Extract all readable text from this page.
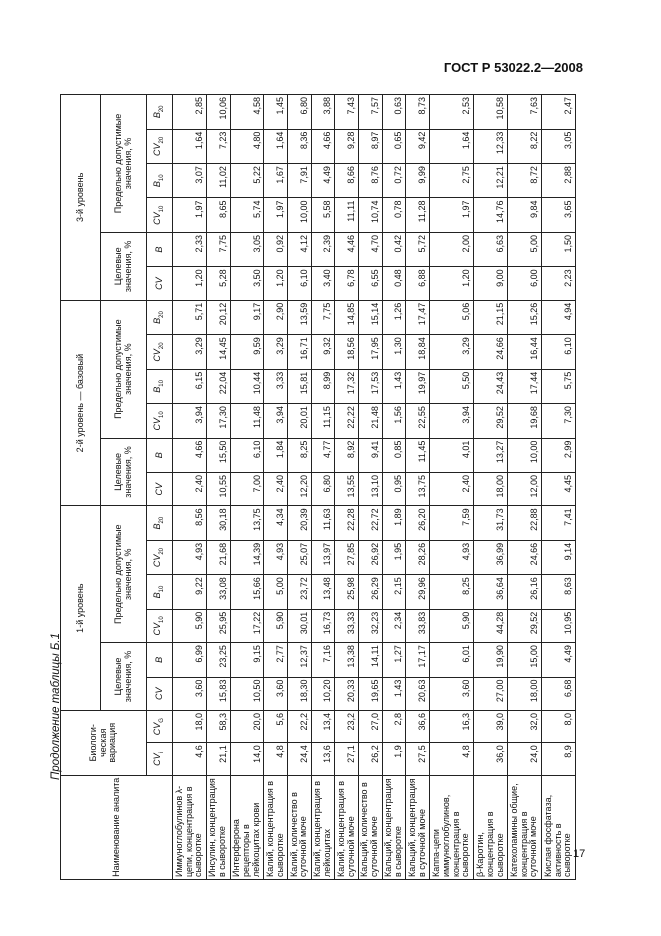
ГОСТ Р 53022.2—2008
Продолжение таблицы Б.1
Наименование аналита	Биологи-ческая вариация		1-й уровень						2-й уровень — базовый						3-й уровень					
			Целевые значения, %		Предельно допустимые значения, %				Целевые значения, %		Предельно допустимые значения, %				Целевые значения, %		Предельно допустимые значения, %			
	$CV_i$	$CV_G$	CV	B	$CV_{10}$	$B_{10}$	$CV_{20}$	$B_{20}$	CV	B	$CV_{10}$	$B_{10}$	$CV_{20}$	$B_{20}$	CV	B	$CV_{10}$	$B_{10}$	$CV_{20}$	$B_{20}$
Иммуноглобулинов λ-цепи, концентрация в сыворотке	4,6	18,0	3,60	6,99	5,90	9,22	4,93	8,56	2,40	4,66	3,94	6,15	3,29	5,71	1,20	2,33	1,97	3,07	1,64	2,85
Инсулин, концентрация в сыворотке	21,1	58,3	15,83	23,25	25,95	33,08	21,68	30,18	10,55	15,50	17,30	22,04	14,45	20,12	5,28	7,75	8,65	11,02	7,23	10,06
Интерферона рецепторы в лейкоцитах крови	14,0	20,0	10,50	9,15	17,22	15,66	14,39	13,75	7,00	6,10	11,48	10,44	9,59	9,17	3,50	3,05	5,74	5,22	4,80	4,58
Калий, концентрация в сыворотке	4,8	5,6	3,60	2,77	5,90	5,00	4,93	4,34	2,40	1,84	3,94	3,33	3,29	2,90	1,20	0,92	1,97	1,67	1,64	1,45
Калий, количество в суточной моче	24,4	22,2	18,30	12,37	30,01	23,72	25,07	20,39	12,20	8,25	20,01	15,81	16,71	13,59	6,10	4,12	10,00	7,91	8,36	6,80
Калий, концентрация в лейкоцитах	13,6	13,4	10,20	7,16	16,73	13,48	13,97	11,63	6,80	4,77	11,15	8,99	9,32	7,75	3,40	2,39	5,58	4,49	4,66	3,88
Калий, концентрация в суточной моче	27,1	23,2	20,33	13,38	33,33	25,98	27,85	22,28	13,55	8,92	22,22	17,32	18,56	14,85	6,78	4,46	11,11	8,66	9,28	7,43
Кальций, количество в суточной моче	26,2	27,0	19,65	14,11	32,23	26,29	26,92	22,72	13,10	9,41	21,48	17,53	17,95	15,14	6,55	4,70	10,74	8,76	8,97	7,57
Кальций, концентрация в сыворотке	1,9	2,8	1,43	1,27	2,34	2,15	1,95	1,89	0,95	0,85	1,56	1,43	1,30	1,26	0,48	0,42	0,78	0,72	0,65	0,63
Кальций, концентрация в суточной моче	27,5	36,6	20,63	17,17	33,83	29,96	28,26	26,20	13,75	11,45	22,55	19,97	18,84	17,47	6,88	5,72	11,28	9,99	9,42	8,73
Каппа-цепи иммуноглобулинов, концентрация в сыворотке	4,8	16,3	3,60	6,01	5,90	8,25	4,93	7,59	2,40	4,01	3,94	5,50	3,29	5,06	1,20	2,00	1,97	2,75	1,64	2,53
β-Каротин, концентрация в сыворотке	36,0	39,0	27,00	19,90	44,28	36,64	36,99	31,73	18,00	13,27	29,52	24,43	24,66	21,15	9,00	6,63	14,76	12,21	12,33	10,58
Катехоламины общие, концентрация в суточной моче	24,0	32,0	18,00	15,00	29,52	26,16	24,66	22,88	12,00	10,00	19,68	17,44	16,44	15,26	6,00	5,00	9,84	8,72	8,22	7,63
Кислая фосфатаза, активность в сыворотке	8,9	8,0	6,68	4,49	10,95	8,63	9,14	7,41	4,45	2,99	7,30	5,75	6,10	4,94	2,23	1,50	3,65	2,88	3,05	2,47
17
